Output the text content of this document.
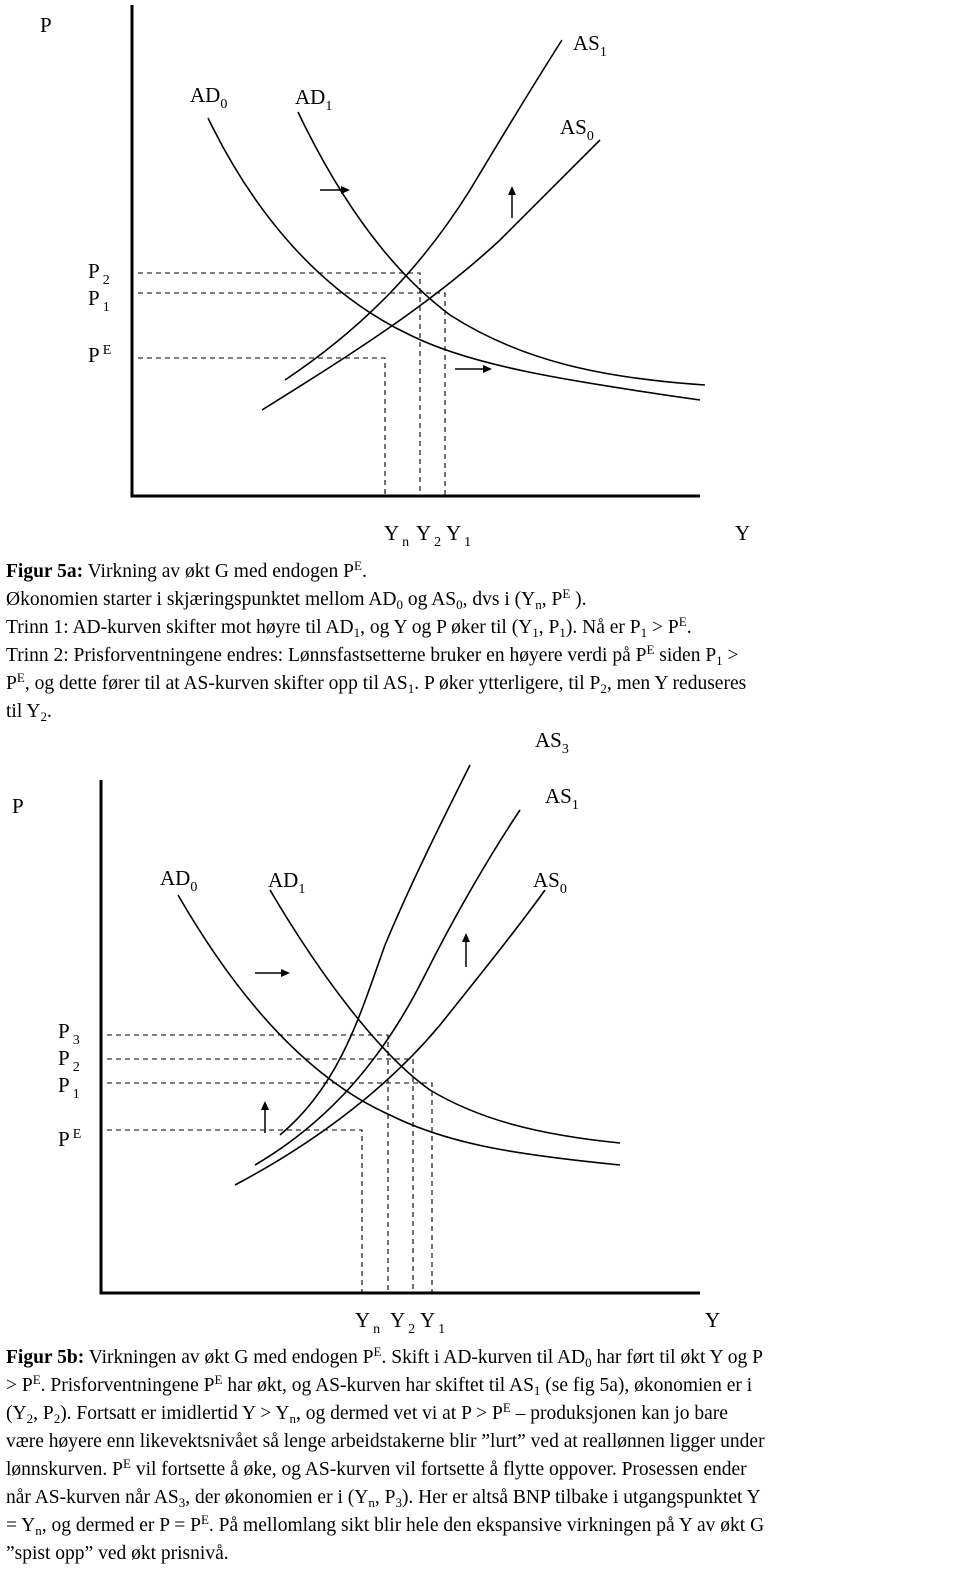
P
Y
$AD_0$	$AD_1$
$AS_1$
$AS_0$
P $_2$
P $_1$
P $^E$
Y $_n$ Y $_2$ Y $_1$
Figur 5a: Virkning av økt G med endogen $P^E$.
Økonomien starter i skjæringspunktet mellom $AD_0$ og $AS_0$, dvs i ($Y_n$, $P^E$ ).
Trinn 1: AD-kurven skifter mot høyre til $AD_1$, og Y og P øker til ($Y_1$, $P_1$). Nå er $P_1 > P^E$.
Trinn 2: Prisforventningene endres: Lønnsfastsetterne bruker en høyere verdi på $P^E$ siden $P_1$ >
$P^E$, og dette fører til at AS-kurven skifter opp til $AS_1$. P øker ytterligere, til $P_2$, men Y reduseres
til $Y_2$.
P
Y
$AS_3$
$AS_1$
$AD_0$	$AD_1$	$AS_0$
P $_3$
P $_2$
P $_1$
P $^E$
Y $_n$ Y $_2$ Y $_1$
Figur 5b: Virkningen av økt G med endogen $P^E$. Skift i AD-kurven til $AD_0$ har ført til økt Y og P
> $P^E$. Prisforventningene $P^E$ har økt, og AS-kurven har skiftet til $AS_1$ (se fig 5a), økonomien er i
($Y_2$, $P_2$). Fortsatt er imidlertid $Y > Y_n$, og dermed vet vi at $P > P^E$ – produksjonen kan jo bare
være høyere enn likevektsnivået så lenge arbeidstakerne blir ”lurt” ved at reallønnen ligger under
lønnskurven. $P^E$ vil fortsette å øke, og AS-kurven vil fortsette å flytte oppover. Prosessen ender
når AS-kurven når $AS_3$, der økonomien er i ($Y_n$, $P_3$). Her er altså BNP tilbake i utgangspunktet Y
= $Y_n$, og dermed er $P = P^E$. På mellomlang sikt blir hele den ekspansive virkningen på Y av økt G
”spist opp” ved økt prisnivå.
